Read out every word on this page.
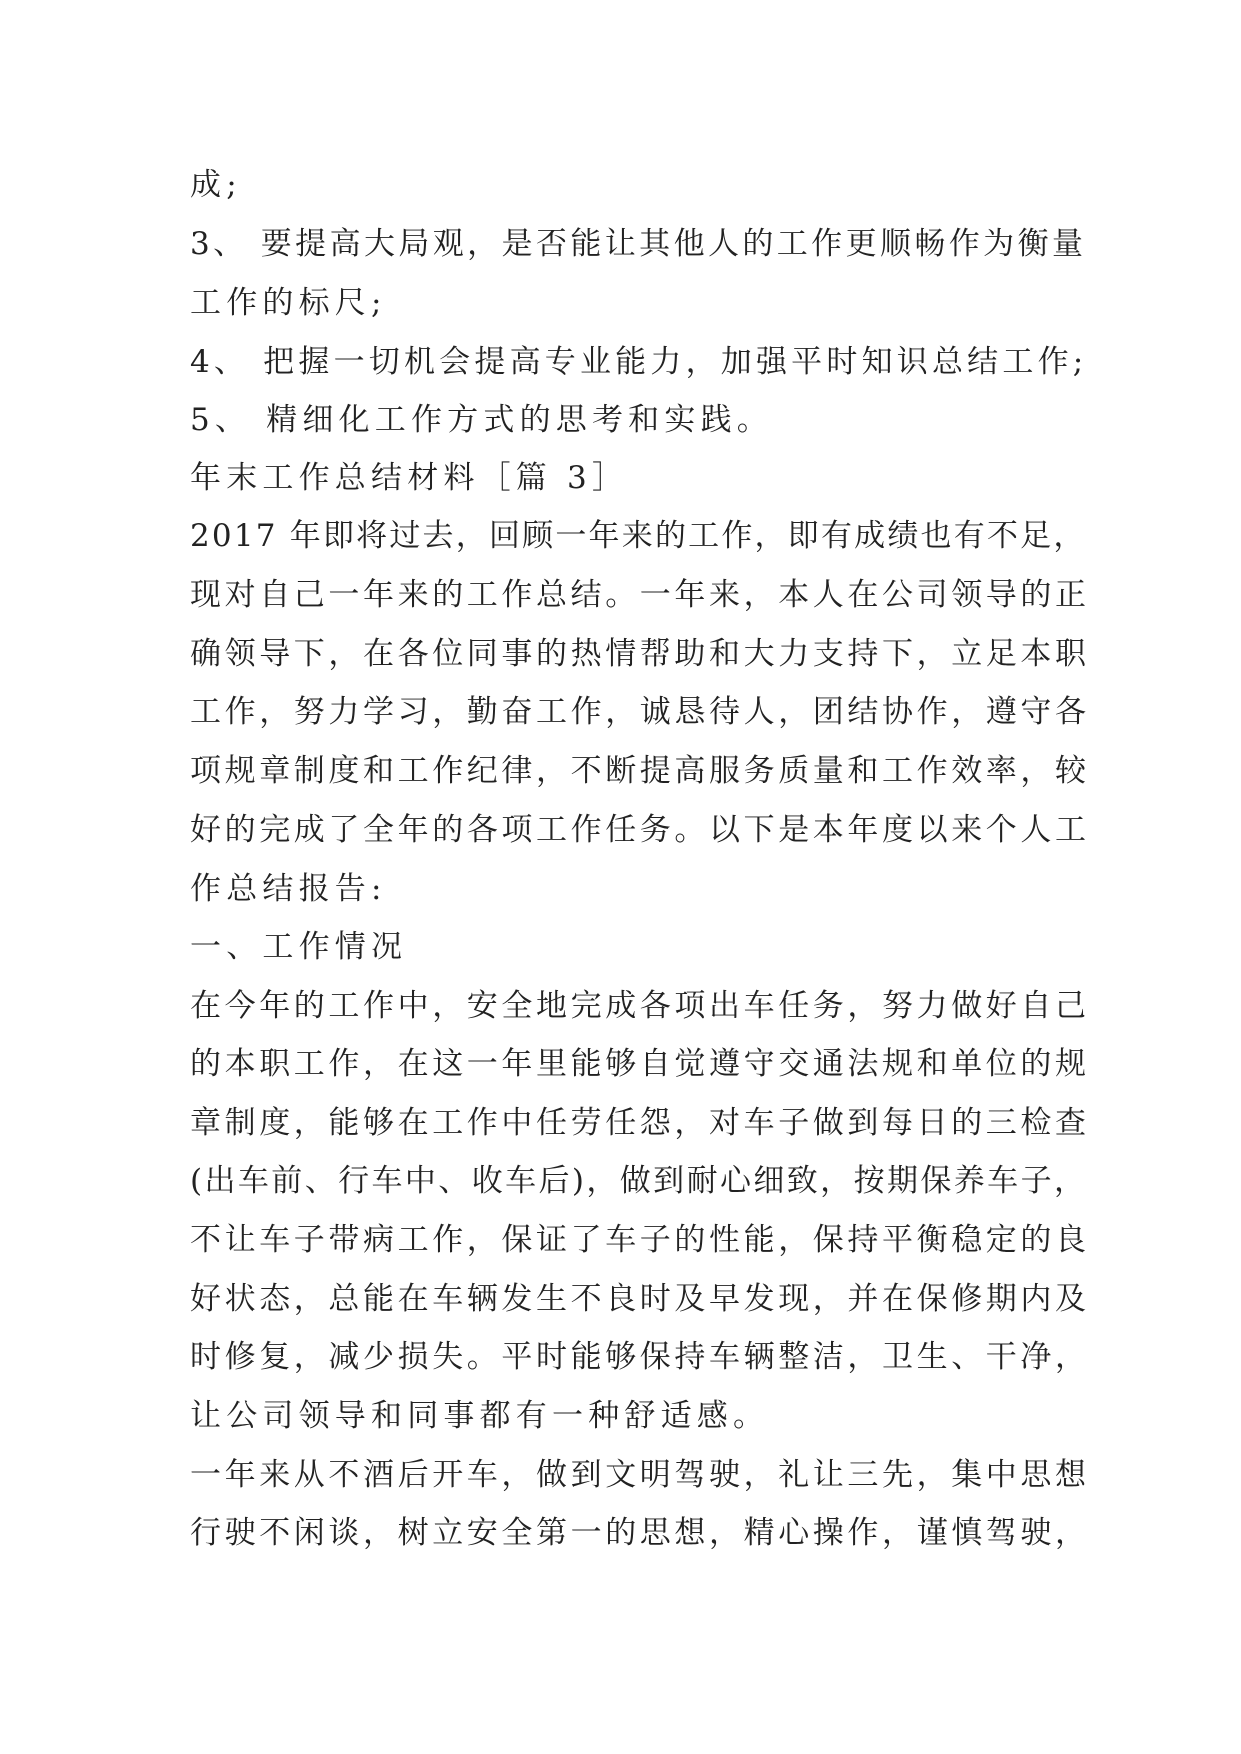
成;

3、 要提高大局观，是否能让其他人的工作更顺畅作为衡量

工作的标尺;

4、 把握一切机会提高专业能力，加强平时知识总结工作;

5、 精细化工作方式的思考和实践。

年末工作总结材料［篇 3］

2017 年即将过去，回顾一年来的工作，即有成绩也有不足，

现对自己一年来的工作总结。一年来，本人在公司领导的正

确领导下，在各位同事的热情帮助和大力支持下，立足本职

工作，努力学习，勤奋工作，诚恳待人，团结协作，遵守各

项规章制度和工作纪律，不断提高服务质量和工作效率，较

好的完成了全年的各项工作任务。以下是本年度以来个人工

作总结报告:

一、工作情况

在今年的工作中，安全地完成各项出车任务，努力做好自己

的本职工作，在这一年里能够自觉遵守交通法规和单位的规

章制度，能够在工作中任劳任怨，对车子做到每日的三检查

(出车前、行车中、收车后)，做到耐心细致，按期保养车子，

不让车子带病工作，保证了车子的性能，保持平衡稳定的良

好状态，总能在车辆发生不良时及早发现，并在保修期内及

时修复，减少损失。平时能够保持车辆整洁，卫生、干净，

让公司领导和同事都有一种舒适感。

一年来从不酒后开车，做到文明驾驶，礼让三先，集中思想

行驶不闲谈，树立安全第一的思想，精心操作，谨慎驾驶，
